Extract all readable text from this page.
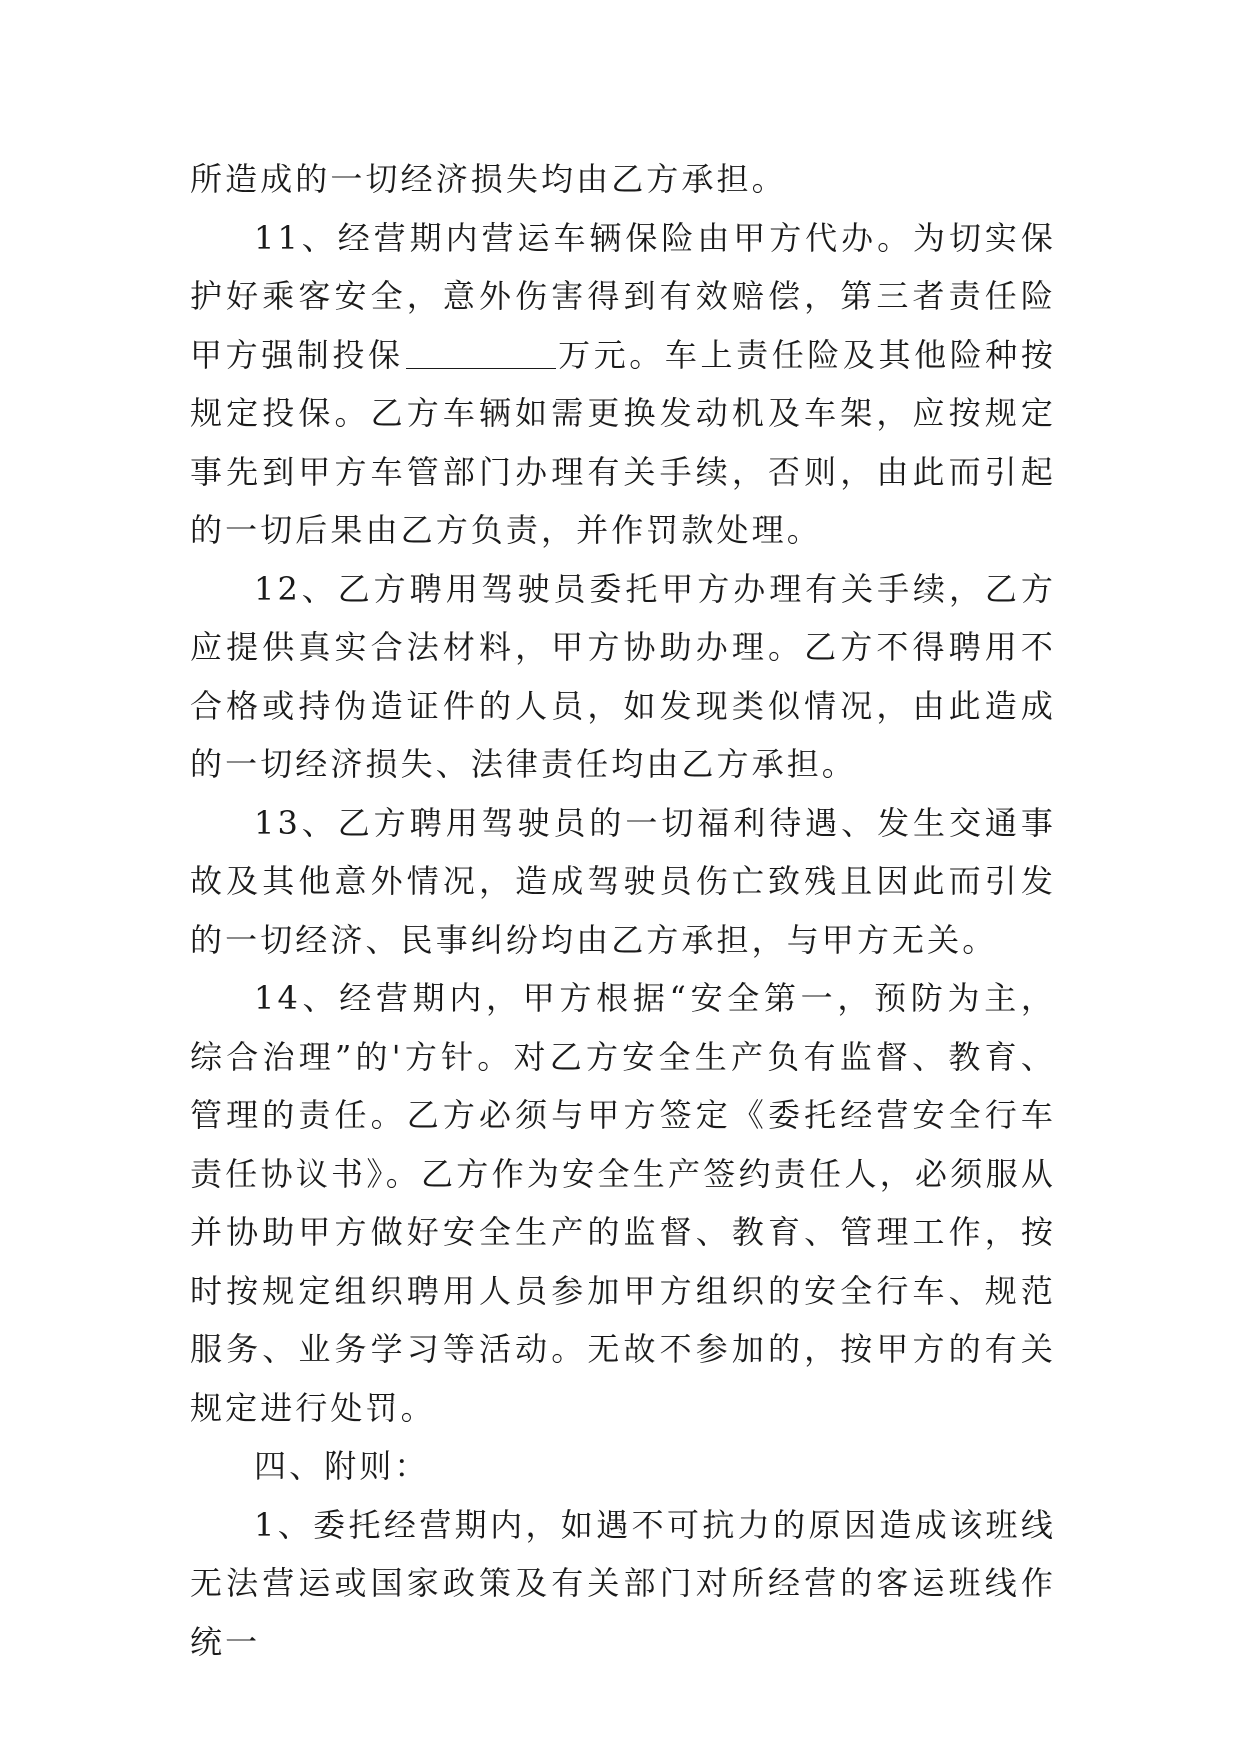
所造成的一切经济损失均由乙方承担。

11、经营期内营运车辆保险由甲方代办。为切实保护好乘客安全，意外伤害得到有效赔偿，第三者责任险甲方强制投保	万元。车上责任险及其他险种按规定投保。乙方车辆如需更换发动机及车架，应按规定事先到甲方车管部门办理有关手续，否则，由此而引起的一切后果由乙方负责，并作罚款处理。

12、乙方聘用驾驶员委托甲方办理有关手续，乙方应提供真实合法材料，甲方协助办理。乙方不得聘用不合格或持伪造证件的人员，如发现类似情况，由此造成的一切经济损失、法律责任均由乙方承担。

13、乙方聘用驾驶员的一切福利待遇、发生交通事故及其他意外情况，造成驾驶员伤亡致残且因此而引发的一切经济、民事纠纷均由乙方承担，与甲方无关。

14、经营期内，甲方根据“安全第一，预防为主，综合治理”的'方针。对乙方安全生产负有监督、教育、管理的责任。乙方必须与甲方签定《委托经营安全行车责任协议书》。乙方作为安全生产签约责任人，必须服从并协助甲方做好安全生产的监督、教育、管理工作，按时按规定组织聘用人员参加甲方组织的安全行车、规范服务、业务学习等活动。无故不参加的，按甲方的有关规定进行处罚。

四、附则：

1、委托经营期内，如遇不可抗力的原因造成该班线无法营运或国家政策及有关部门对所经营的客运班线作统一
